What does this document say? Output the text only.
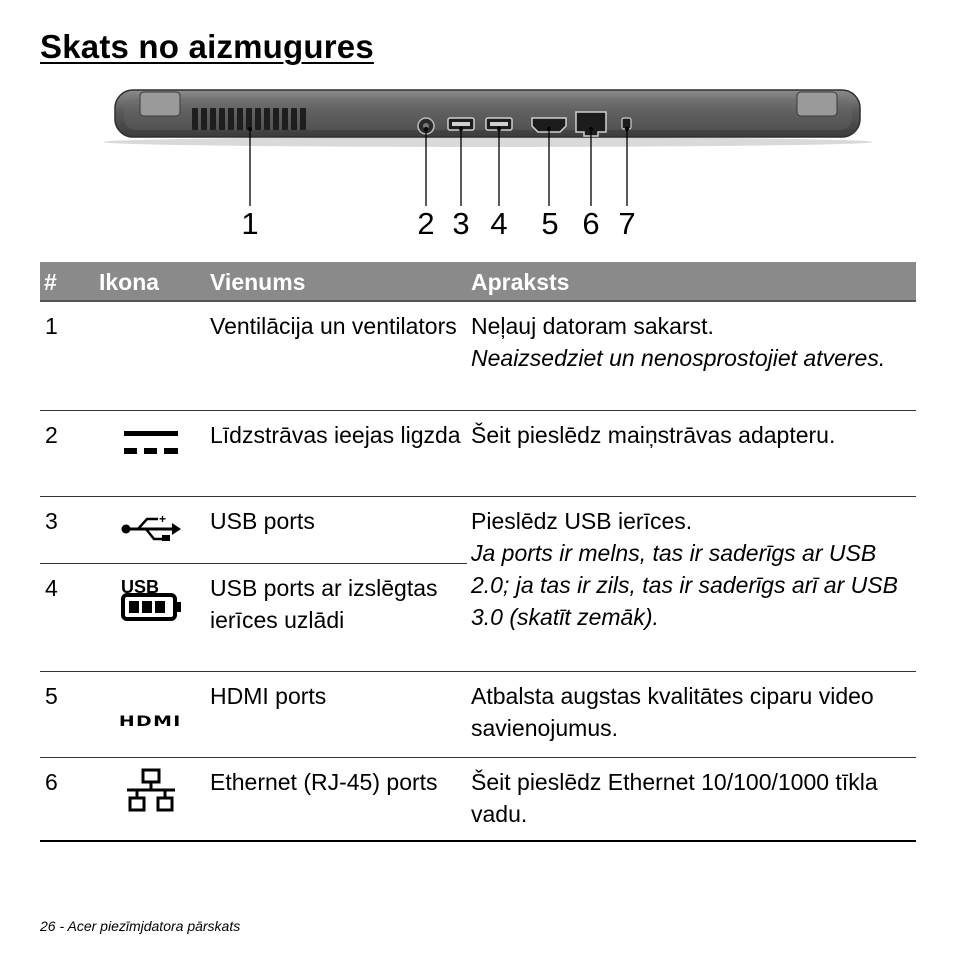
Skats no aizmugures
1	2 3 4 5 6 7
#	Ikona	Vienums	Apraksts
1		Ventilācija un ventilators	Neļauj datoram sakarst.
Neaizsedziet un nenosprostojiet atveres.

2		Līdzstrāvas ieejas ligzda	Šeit pieslēdz maiņstrāvas adapteru.
3	+	USB ports	Pieslēdz USB ierīces.
Ja ports ir melns, tas ir saderīgs ar USB 2.0; ja tas ir zils, tas ir saderīgs arī ar USB 3.0 (skatīt zemāk).

4	USB	USB ports ar izslēgtas ierīces uzlādi	
5	HDMI	HDMI ports	Atbalsta augstas kvalitātes ciparu video savienojumus.
6		Ethernet (RJ-45) ports	Šeit pieslēdz Ethernet 10/100/1000 tīkla vadu.
26 - Acer piezīmjdatora pārskats
